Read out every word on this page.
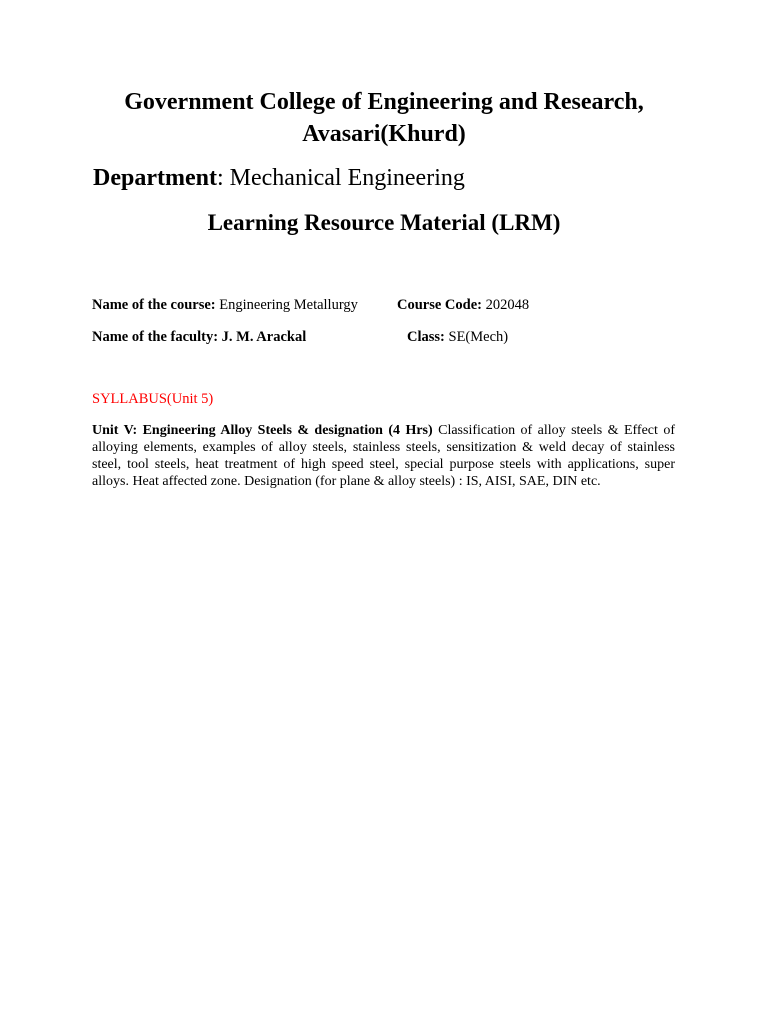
Government College of Engineering and Research, Avasari(Khurd)
Department: Mechanical Engineering
Learning Resource Material (LRM)
Name of the course: Engineering Metallurgy	Course Code: 202048
Name of the faculty: J. M. Arackal	Class: SE(Mech)
SYLLABUS(Unit 5)
Unit V: Engineering Alloy Steels & designation (4 Hrs) Classification of alloy steels & Effect of alloying elements, examples of alloy steels, stainless steels, sensitization & weld decay of stainless steel, tool steels, heat treatment of high speed steel, special purpose steels with applications, super alloys. Heat affected zone. Designation (for plane & alloy steels) : IS, AISI, SAE, DIN etc.
